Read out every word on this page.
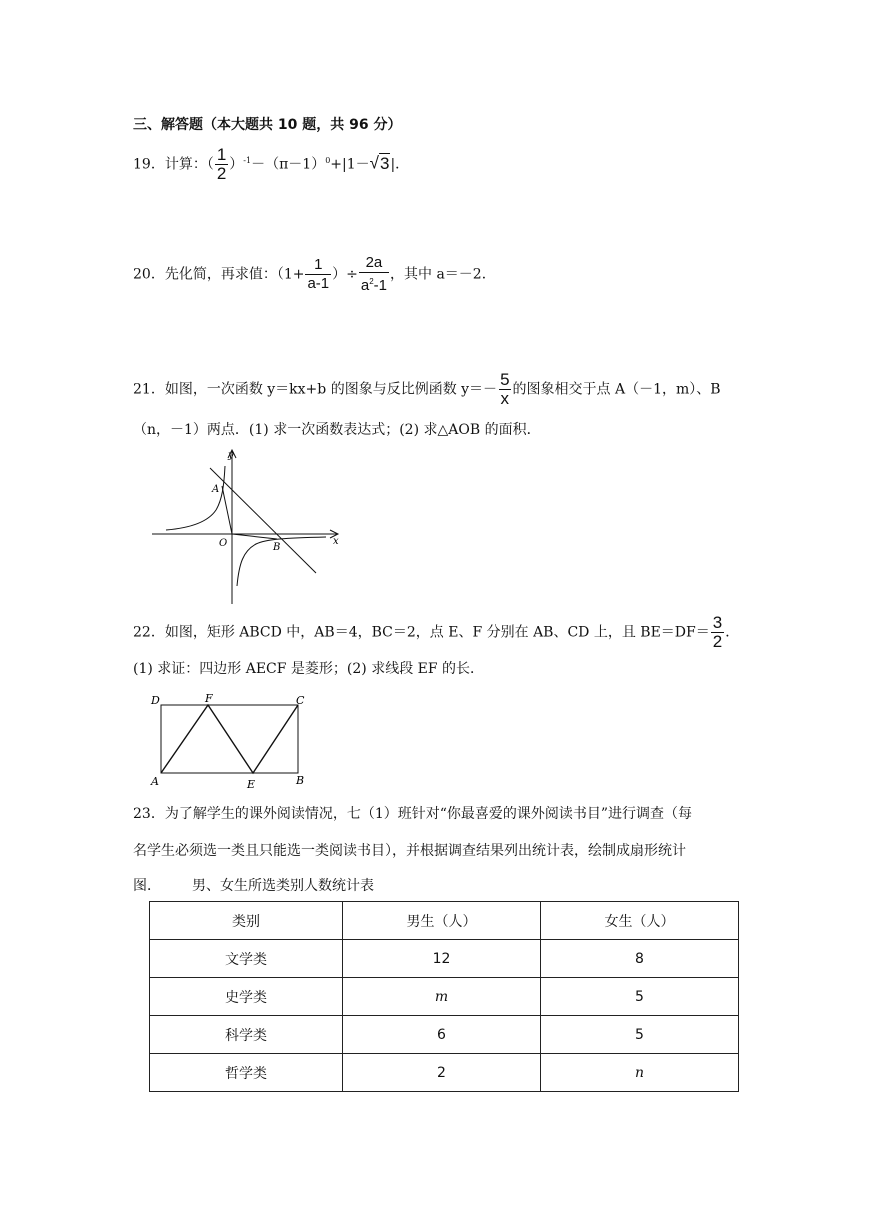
三、解答题（本大题共 10 题，共 96 分）
19．计算：（ $\frac{1}{2} )^{-1}-(\pi-1)^0+|1-√3|$．
20．先化简，再求值：（$1+ \frac{1}{a-1}$ ）÷ $\frac{2a}{a^2-1}$ ，其中 a＝－2．
21．如图，一次函数 y＝kx+b 的图象与反比例函数 $y=- \frac{5}{x}$ 的图象相交于点 A（－1，m）、B
（n，－1）两点．(1) 求一次函数表达式；(2) 求△AOB 的面积．
y
x
O
A
B
22．如图，矩形 ABCD 中，AB＝4，BC＝2，点 E、F 分别在 AB、CD 上，且 $BE=DF= \frac{3}{2}$ ．
(1) 求证：四边形 AECF 是菱形；(2) 求线段 EF 的长．
D	F	C
A	E	B
23．为了解学生的课外阅读情况，七（1）班针对“你最喜爱的课外阅读书目”进行调查（每
名学生必须选一类且只能选一类阅读书目），并根据调查结果列出统计表，绘制成扇形统计
图． 男、女生所选类别人数统计表
类别	男生（人）	女生（人）
文学类	12	8
史学类	m	5
科学类	6	5
哲学类	2	n
